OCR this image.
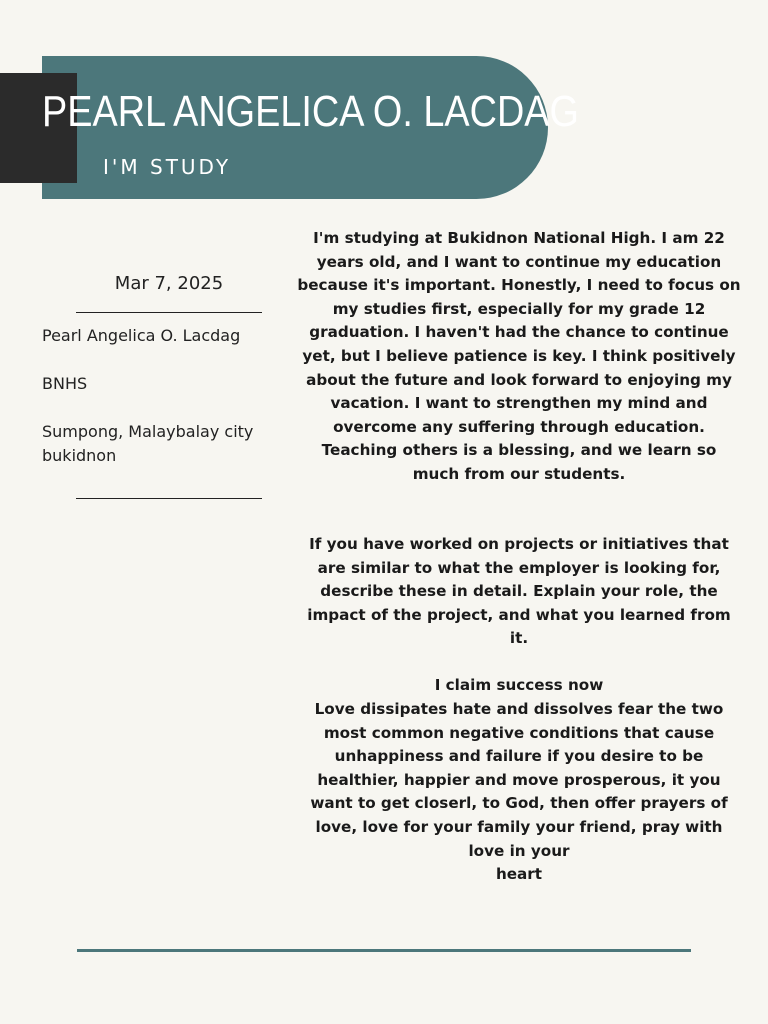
PEARL ANGELICA O. LACDAG
I'M STUDY
Mar 7, 2025
Pearl Angelica O. Lacdag
BNHS
Sumpong, Malaybalay city bukidnon
I'm studying at Bukidnon National High. I am 22 years old, and I want to continue my education because it's important. Honestly, I need to focus on my studies first, especially for my grade 12 graduation. I haven't had the chance to continue yet, but I believe patience is key. I think positively about the future and look forward to enjoying my vacation. I want to strengthen my mind and overcome any suffering through education. Teaching others is a blessing, and we learn so much from our students.
If you have worked on projects or initiatives that are similar to what the employer is looking for, describe these in detail. Explain your role, the impact of the project, and what you learned from it.
I claim success now
Love dissipates hate and dissolves fear the two most common negative conditions that cause unhappiness and failure if you desire to be healthier, happier and move prosperous, it you want to get closerl, to God, then offer prayers of love, love for your family your friend, pray with love in your
heart
